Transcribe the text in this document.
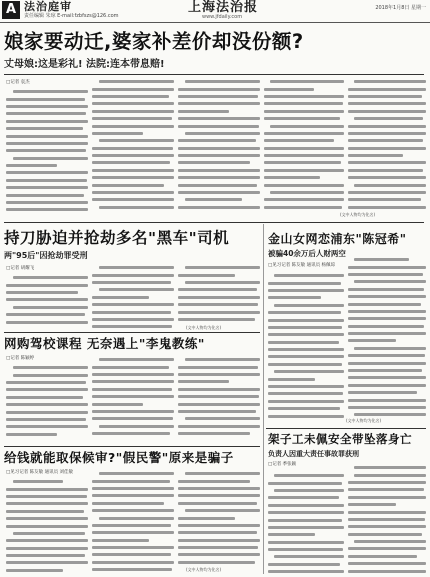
A 法治庭审
责任编辑 朱琼 E-mail:fzbfszs@126.com
上海法治报
www.jfdaily.com
2018年1月8日 星期一
娘家要动迁,婆家补差价却没份额?
丈母娘:这是彩礼! 法院:连本带息赔!
□记者 袁杰
(文中人物均为化名)
持刀胁迫并抢劫多名"黑车"司机
两"95后"因抢劫罪受刑
□记者 胡耀飞
(文中人物均为化名)
网购驾校课程 无奈遇上"李鬼教练"
□记者 陈颖婷
给钱就能取保候审?"假民警"原来是骗子
□见习记者 陈友敏 通讯员 刘佳敏
(文中人物均为化名)
金山女网恋浦东"陈冠希"
被骗40余万后人财两空
□见习记者 陈友敏 通讯员 杨佩琼
(文中人物均为化名)
架子工未佩安全带坠落身亡
负责人因重大责任事故罪获刑
□记者 季张颖
